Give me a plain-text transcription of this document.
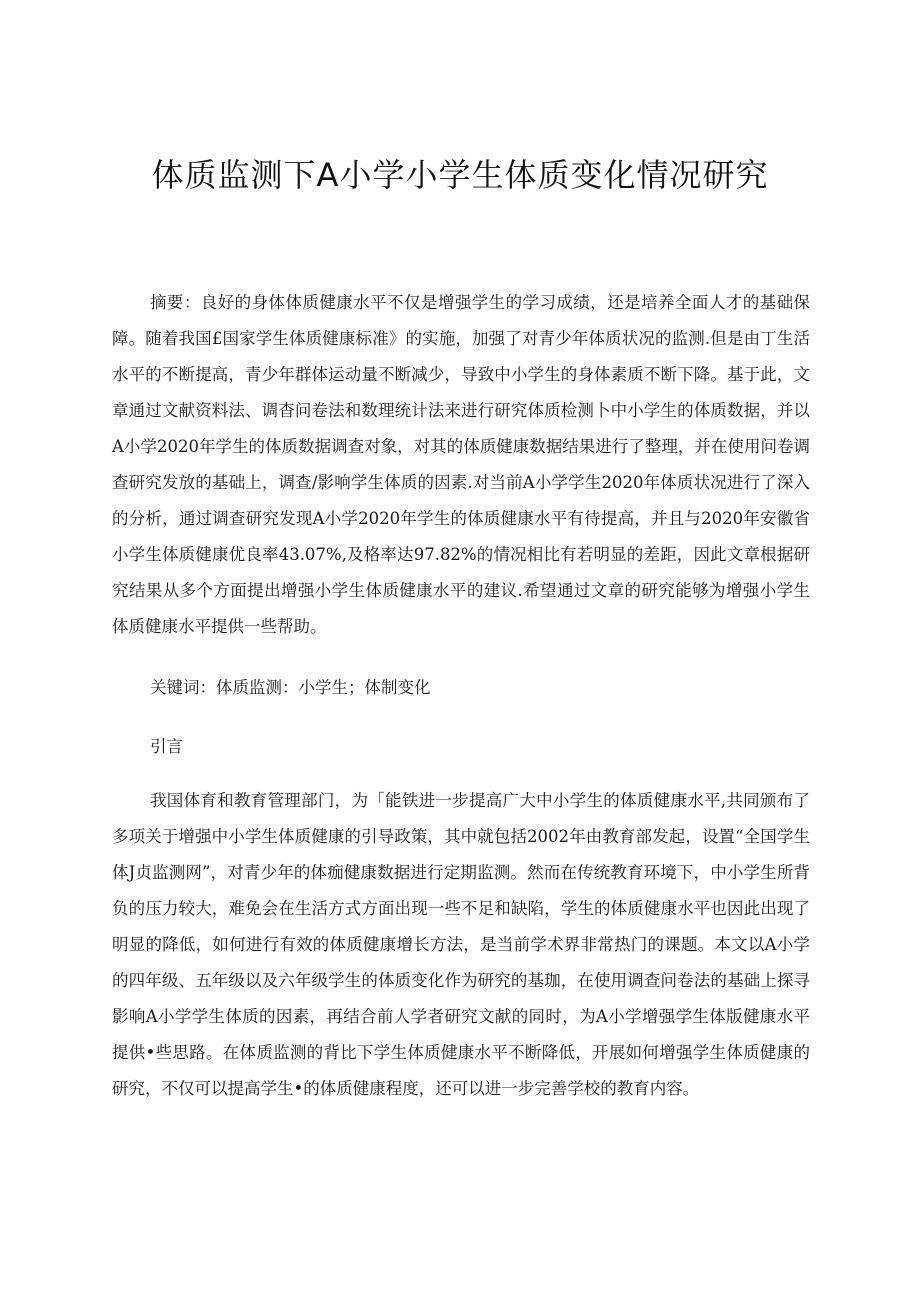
体质监测下A小学小学生体质变化情况研究

摘要：良好的身体体质健康水平不仅是增强学生的学习成绩，还是培养全面人才的基础保障。随着我国£国家学生体质健康标准》的实施，加强了对青少年体质状况的监测.但是由丁生活水平的不断提高，青少年群体运动量不断减少，导致中小学生的身体素质不断下降。基于此，文章通过文献资料法、调杳问卷法和数理统计法来进行研究体质检测卜中小学生的体质数据，并以A小学2020年学生的体质数据调查对象，对其的体质健康数据结果进行了整理，并在使用问卷调查研究发放的基础上，调查/影响学生体质的因素.对当前A小学学生2020年体质状况进行了深入的分析，通过调查研究发现A小学2020年学生的体质健康水平有待提高，并且与2020年安徽省小学生体质健康优良率43.07%,及格率达97.82%的情况相比有若明显的差距，因此文章根据研究结果从多个方面提出增强小学生体质健康水平的建议.希望通过文章的研究能够为增强小学生体质健康水平提供一些帮助。

关键词：体质监测：小学生；体制变化

引言

我国体育和教育管理部门，为「能铁进一步提高广大中小学生的体质健康水平,共同颁布了多项关于增强中小学生体质健康的引导政策，其中就包括2002年由教育部发起，设置“全国学生体J贞监测网”，对青少年的体痂健康数据进行定期监测。然而在传统教育环境下，中小学生所背负的压力较大，难免会在生活方式方面出现一些不足和缺陷，学生的体质健康水平也因此出现了明显的降低，如何进行有效的体质健康增长方法，是当前学术界非常热门的课题。本文以A小学的四年级、五年级以及六年级学生的体质变化作为研究的基珈，在使用调查问卷法的基础上探寻影响A小学学生体质的因素，再结合前人学者研究文献的同时，为A小学增强学生体版健康水平提供•些思路。在体质监测的背比下学生体质健康水平不断降低，开展如何增强学生体质健康的研究，不仅可以提高学生•的体质健康程度，还可以进一步完善学校的教育内容。
